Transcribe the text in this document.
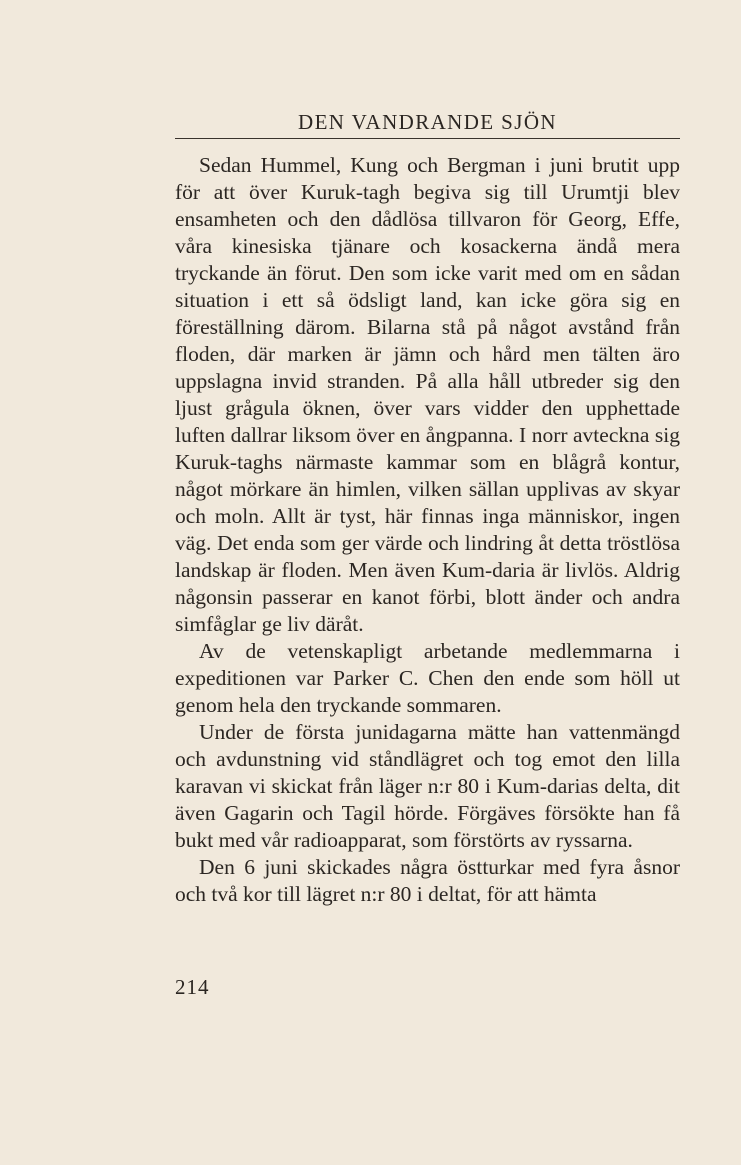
DEN VANDRANDE SJÖN

Sedan Hummel, Kung och Bergman i juni brutit upp för att över Kuruk-tagh begiva sig till Urumtji blev ensamheten och den dådlösa tillvaron för Georg, Effe, våra kinesiska tjänare och kosackerna ändå mera tryckande än förut. Den som icke varit med om en sådan situation i ett så ödsligt land, kan icke göra sig en föreställning därom. Bilarna stå på något avstånd från floden, där marken är jämn och hård men tälten äro uppslagna invid stranden. På alla håll utbreder sig den ljust grågula öknen, över vars vidder den upphettade luften dallrar liksom över en ångpanna. I norr avteckna sig Kuruk-taghs närmaste kammar som en blågrå kontur, något mörkare än himlen, vilken sällan upplivas av skyar och moln. Allt är tyst, här finnas inga människor, ingen väg. Det enda som ger värde och lindring åt detta tröstlösa landskap är floden. Men även Kum-daria är livlös. Aldrig någonsin passerar en kanot förbi, blott änder och andra simfåglar ge liv däråt.

Av de vetenskapligt arbetande medlemmarna i expeditionen var Parker C. Chen den ende som höll ut genom hela den tryckande sommaren.

Under de första junidagarna mätte han vattenmängd och avdunstning vid ståndlägret och tog emot den lilla karavan vi skickat från läger n:r 80 i Kum-darias delta, dit även Gagarin och Tagil hörde. Förgäves försökte han få bukt med vår radioapparat, som förstörts av ryssarna.

Den 6 juni skickades några östturkar med fyra åsnor och två kor till lägret n:r 80 i deltat, för att hämta

214
